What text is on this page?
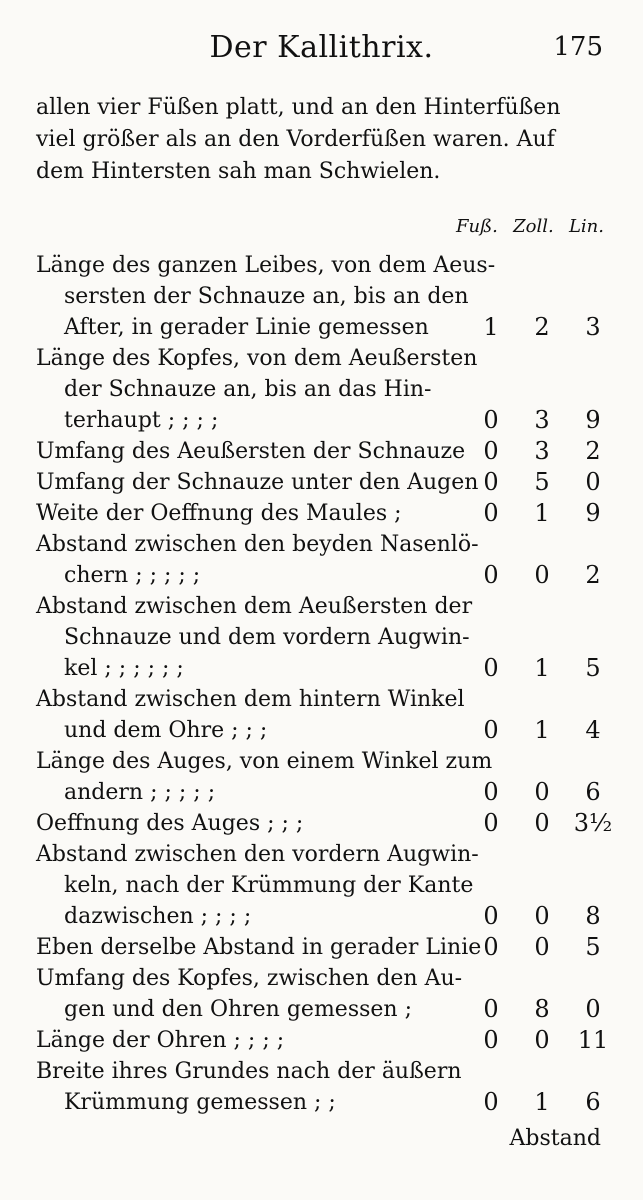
Der Kallithrix.	175
allen vier Füßen platt, und an den Hinterfüßen
viel größer als an den Vorderfüßen waren. Auf
dem Hintersten sah man Schwielen.
Fuß. Zoll. Lin.
Länge des ganzen Leibes, von dem Aeus-
sersten der Schnauze an, bis an den
After, in gerader Linie gemessen	1	2	3
Länge des Kopfes, von dem Aeußersten
der Schnauze an, bis an das Hin-
terhaupt ; ; ; ;	0	3	9
Umfang des Aeußersten der Schnauze 0	3	2
Umfang der Schnauze unter den Augen 0	5	0
Weite der Oeffnung des Maules ;	0	1	9
Abstand zwischen den beyden Nasenlö-
chern ; ; ; ; ;	0	0	2
Abstand zwischen dem Aeußersten der
Schnauze und dem vordern Augwin-
kel ; ; ; ; ; ;	0	1	5
Abstand zwischen dem hintern Winkel
und dem Ohre ; ; ;	0	1	4
Länge des Auges, von einem Winkel zum
andern ; ; ; ; ;	0	0	6
Oeffnung des Auges ; ; ;	0	0	3½
Abstand zwischen den vordern Augwin-
keln, nach der Krümmung der Kante
dazwischen ; ; ; ;	0	0	8
Eben derselbe Abstand in gerader Linie 0	0	5
Umfang des Kopfes, zwischen den Au-
gen und den Ohren gemessen ;	0	8	0
Länge der Ohren ; ; ; ;	0	0	11
Breite ihres Grundes nach der äußern
Krümmung gemessen ; ;	0	1	6
Abstand
